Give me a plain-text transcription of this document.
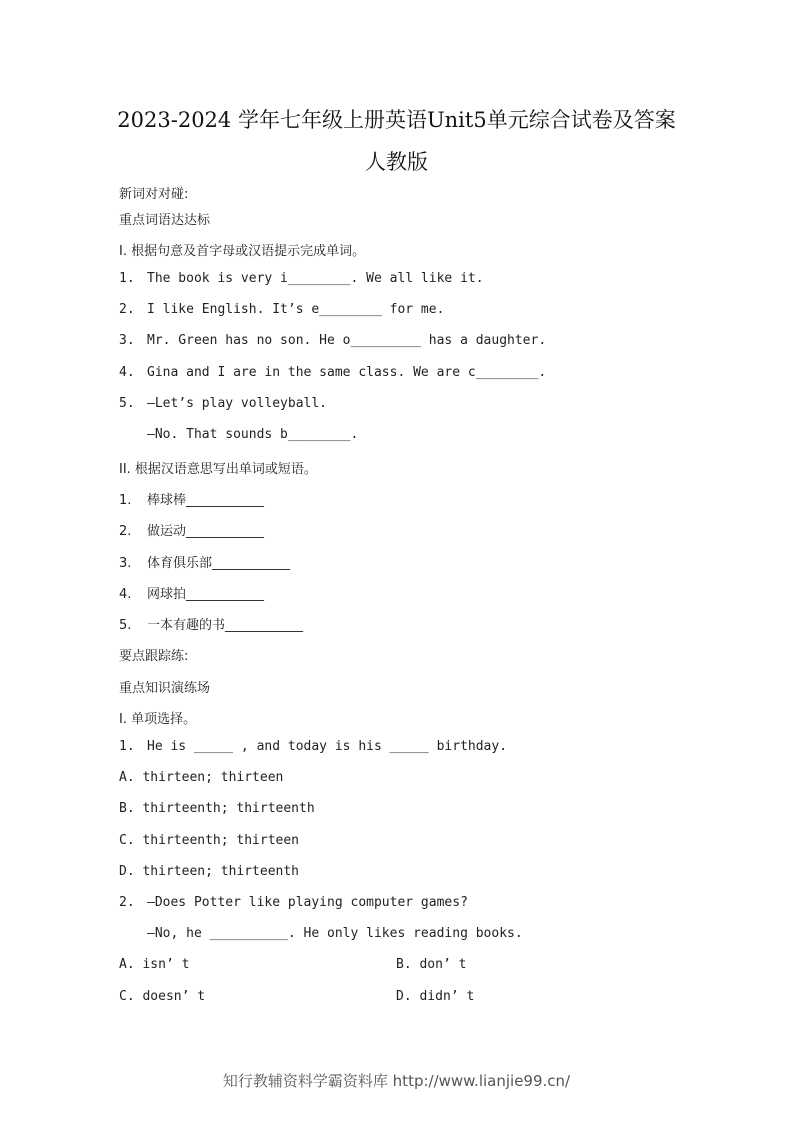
2023-2024 学年七年级上册英语Unit5单元综合试卷及答案
人教版
新词对对碰:
重点词语达达标
I. 根据句意及首字母或汉语提示完成单词。
1. The book is very i________. We all like it.
2. I like English. It’s e________ for me.
3. Mr. Green has no son. He o_________ has a daughter.
4. Gina and I are in the same class. We are c________.
5. —Let’s play volleyball.
—No. That sounds b________.
II. 根据汉语意思写出单词或短语。
1. 棒球棒____________
2. 做运动____________
3. 体育俱乐部____________
4. 网球拍____________
5. 一本有趣的书____________
要点跟踪练:
重点知识演练场
I. 单项选择。
1. He is _____ , and today is his _____ birthday.
A. thirteen; thirteen
B. thirteenth; thirteenth
C. thirteenth; thirteen
D. thirteen; thirteenth
2. —Does Potter like playing computer games?
—No, he __________. He only likes reading books.
A. isn’ t	B. don’ t
C. doesn’ t	D. didn’ t
知行教辅资料学霸资料库 http://www.lianjie99.cn/
